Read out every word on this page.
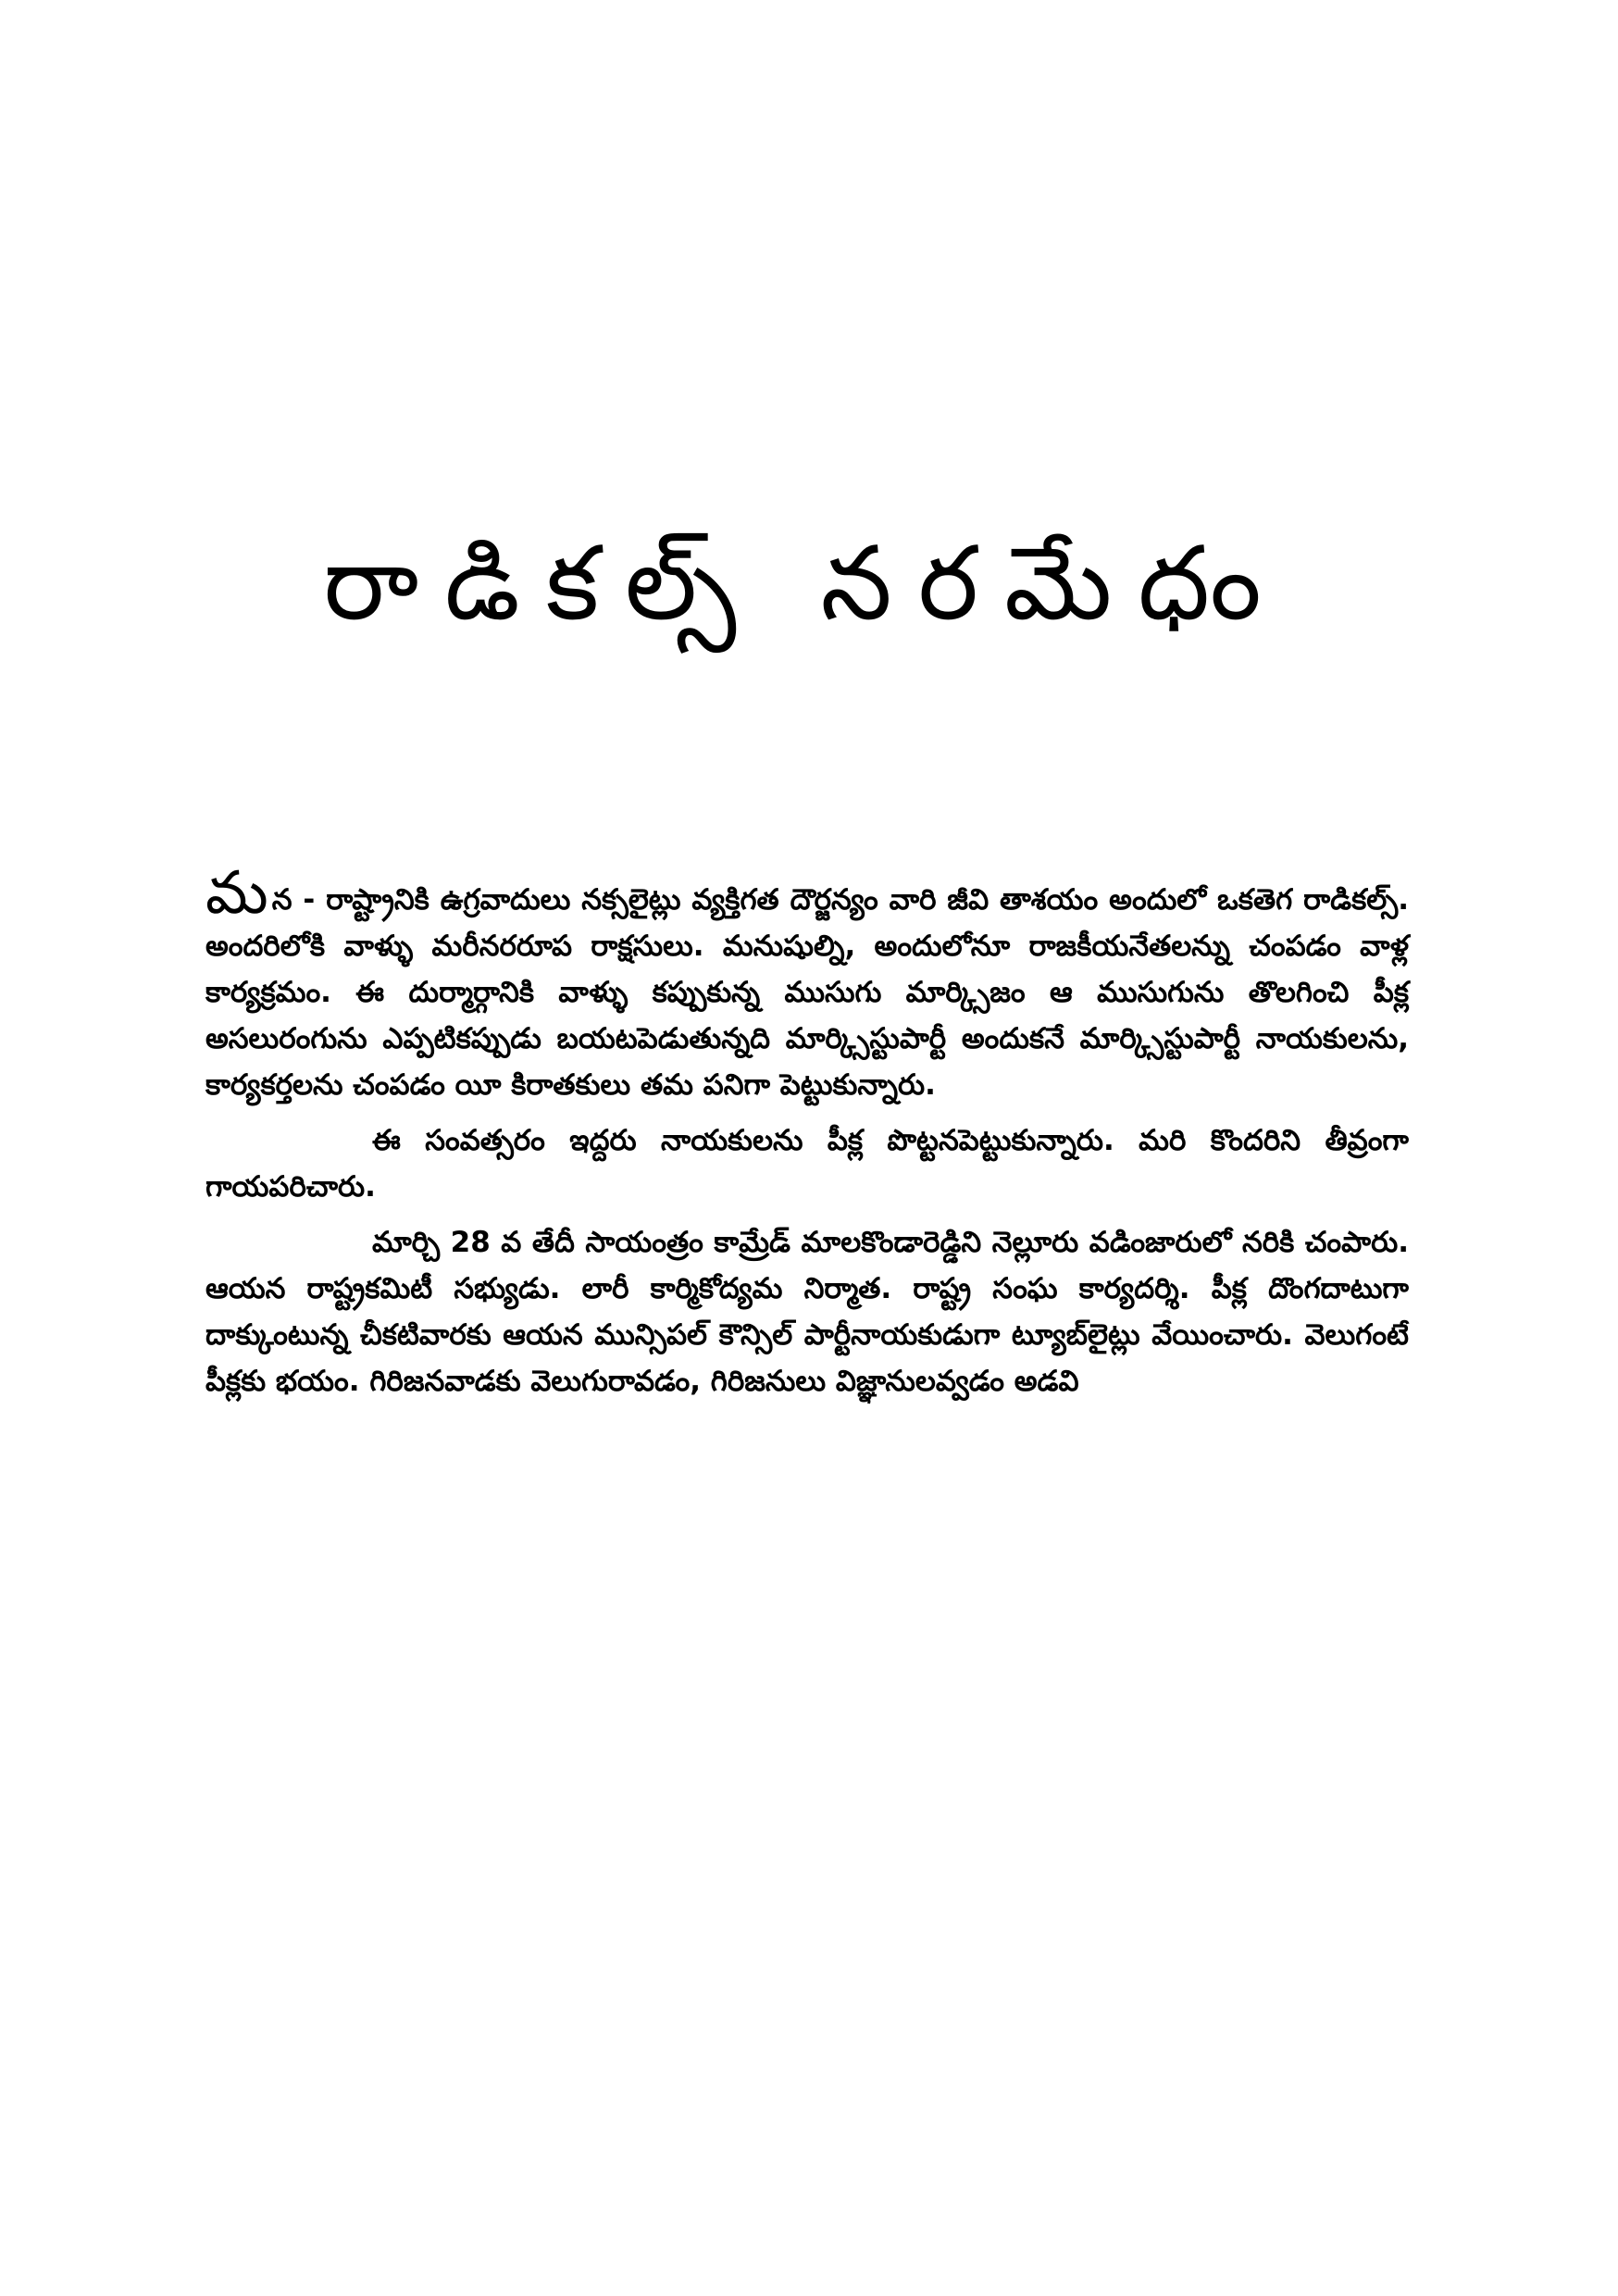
రాడికల్స్ నరమేధం

మన - రాష్ట్రానికి ఉగ్రవాదులు నక్సలైట్లు వ్యక్తిగత దౌర్జన్యం వారి జీవి తాశయం అందులో ఒకతెగ రాడికల్స్. అందరిలోకి వాళ్ళు మరీనరరూప రాక్షసులు. మనుషుల్ని, అందులోనూ రాజకీయనేతలన్ను చంపడం వాళ్ల కార్యక్రమం. ఈ దుర్మార్గానికి వాళ్ళు కప్పుకున్న ముసుగు మార్క్సిజం ఆ ముసుగును తొలగించి పీక్ల అసలురంగును ఎప్పటికప్పుడు బయటపెడుతున్నది మార్క్సిస్టుపార్టీ అందుకనే మార్క్సిస్టుపార్టీ నాయకులను, కార్యకర్తలను చంపడం యీ కిరాతకులు తమ పనిగా పెట్టుకున్నారు.

ఈ సంవత్సరం ఇద్దరు నాయకులను పీక్ల పొట్టనపెట్టుకున్నారు. మరి కొందరిని తీవ్రంగా గాయపరిచారు.

మార్చి 28 వ తేదీ సాయంత్రం కామ్రేడ్ మాలకొండారెడ్డిని నెల్లూరు వడింజారులో నరికి చంపారు. ఆయన రాష్ట్రకమిటీ సభ్యుడు. లారీ కార్మికోద్యమ నిర్మాత. రాష్ట్ర సంఘ కార్యదర్శి. పీక్ల దొంగదాటుగా దాక్కుంటున్న చీకటివారకు ఆయన మున్సిపల్ కౌన్సిల్ పార్టీనాయకుడుగా ట్యూబ్‌లైట్లు వేయించారు. వెలుగంటే పీక్లకు భయం. గిరిజనవాడకు వెలుగురావడం, గిరిజనులు విజ్ఞానులవ్వడం అడవి
